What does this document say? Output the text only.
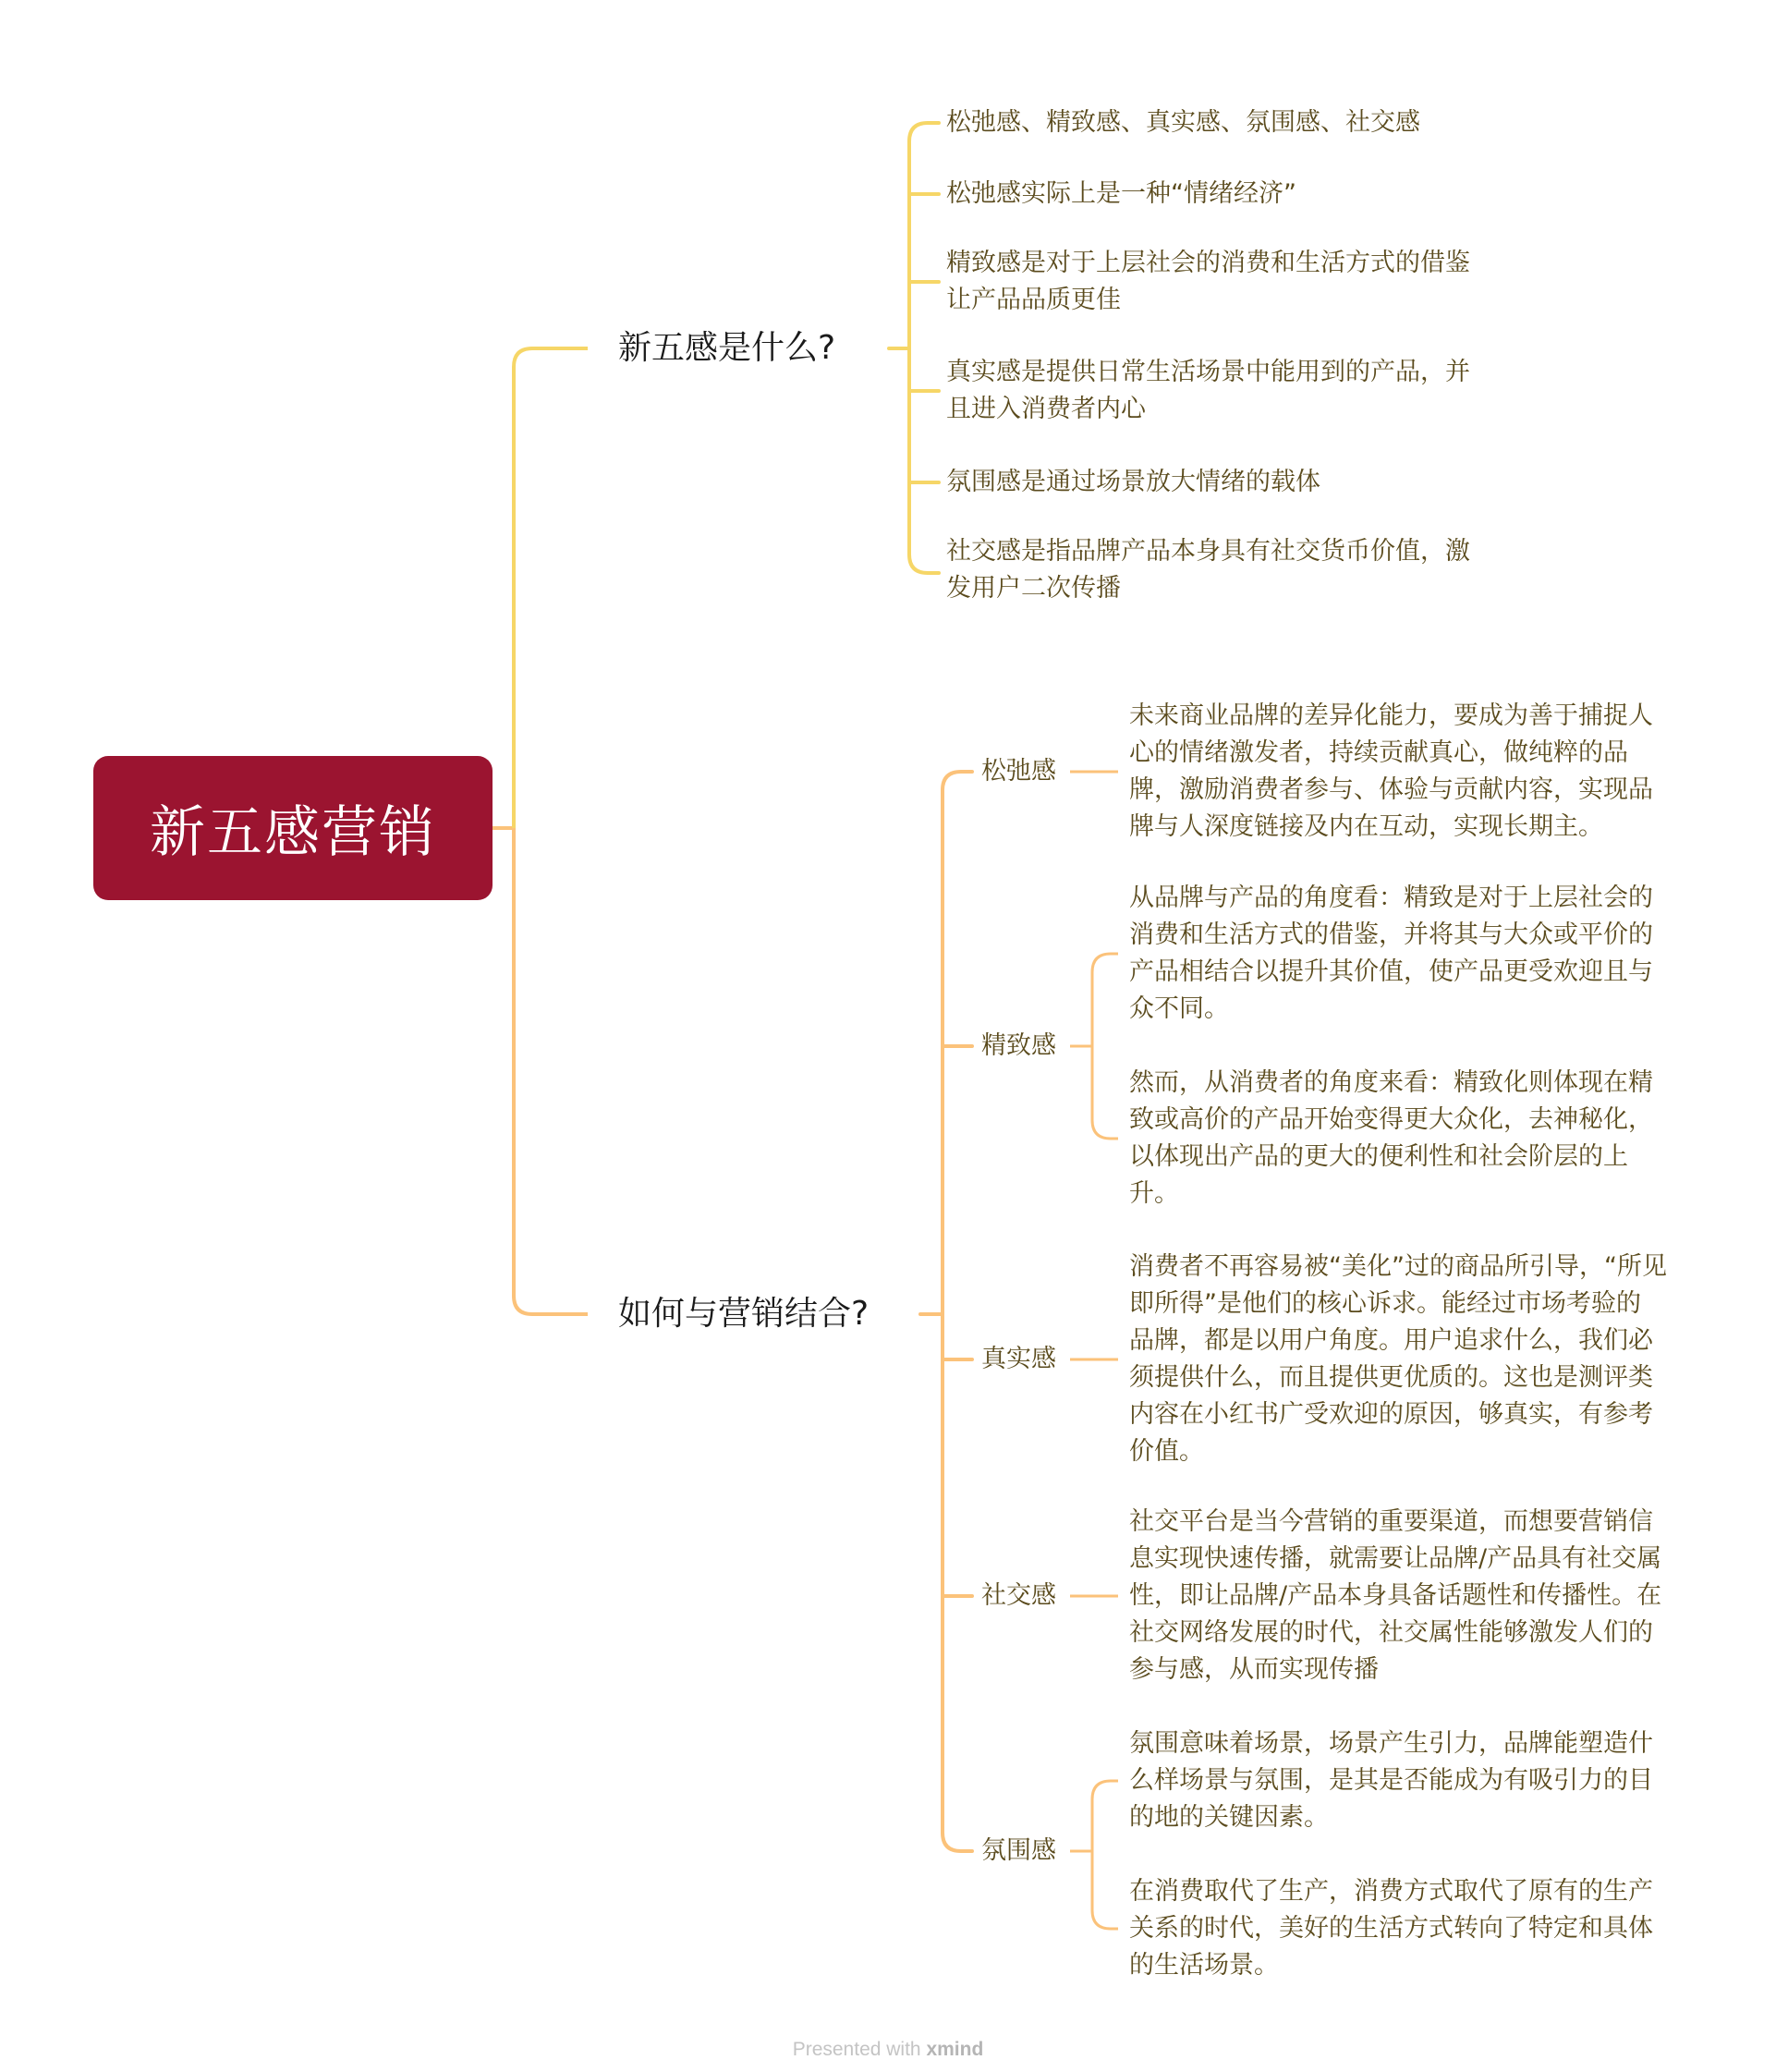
新五感营销
新五感是什么?
松弛感、精致感、真实感、氛围感、社交感
松弛感实际上是一种“情绪经济”
精致感是对于上层社会的消费和生活方式的借鉴
让产品品质更佳
真实感是提供日常生活场景中能用到的产品，并
且进入消费者内心
氛围感是通过场景放大情绪的载体
社交感是指品牌产品本身具有社交货币价值，激
发用户二次传播
如何与营销结合?
松弛感
精致感
真实感
社交感
氛围感
未来商业品牌的差异化能力，要成为善于捕捉人
心的情绪激发者，持续贡献真心，做纯粹的品
牌，激励消费者参与、体验与贡献内容，实现品
牌与人深度链接及内在互动，实现长期主。
从品牌与产品的角度看：精致是对于上层社会的
消费和生活方式的借鉴，并将其与大众或平价的
产品相结合以提升其价值，使产品更受欢迎且与
众不同。
然而，从消费者的角度来看：精致化则体现在精
致或高价的产品开始变得更大众化，去神秘化，
以体现出产品的更大的便利性和社会阶层的上
升。
消费者不再容易被“美化”过的商品所引导，“所见
即所得”是他们的核心诉求。能经过市场考验的
品牌，都是以用户角度。用户追求什么，我们必
须提供什么，而且提供更优质的。这也是测评类
内容在小红书广受欢迎的原因，够真实，有参考
价值。
社交平台是当今营销的重要渠道，而想要营销信
息实现快速传播，就需要让品牌/产品具有社交属
性，即让品牌/产品本身具备话题性和传播性。在
社交网络发展的时代，社交属性能够激发人们的
参与感，从而实现传播
氛围意味着场景，场景产生引力，品牌能塑造什
么样场景与氛围，是其是否能成为有吸引力的目
的地的关键因素。
在消费取代了生产，消费方式取代了原有的生产
关系的时代，美好的生活方式转向了特定和具体
的生活场景。
Presented with xmind
